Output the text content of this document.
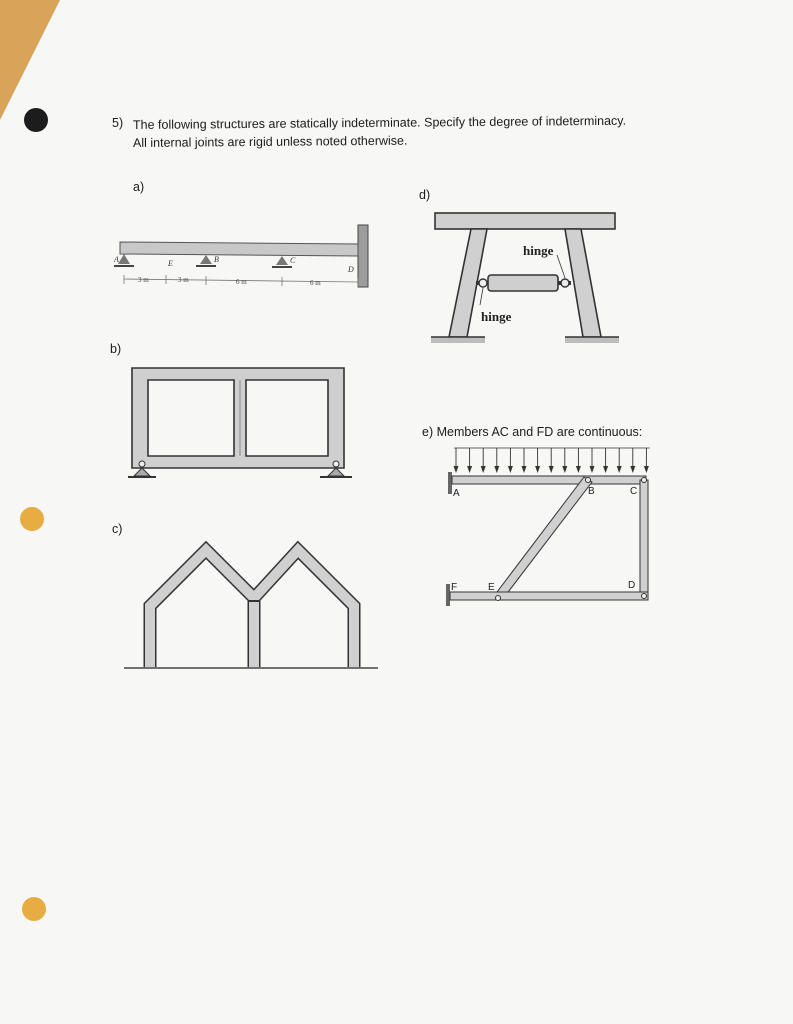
5) The following structures are statically indeterminate. Specify the degree of indeterminacy.
All internal joints are rigid unless noted otherwise.
a)
d)
b)
c)
e) Members AC and FD are continuous:
A	E	B	C
D
3 m	3 m	6 m	6 m
hinge
hinge
A	B	C
F	E	D
